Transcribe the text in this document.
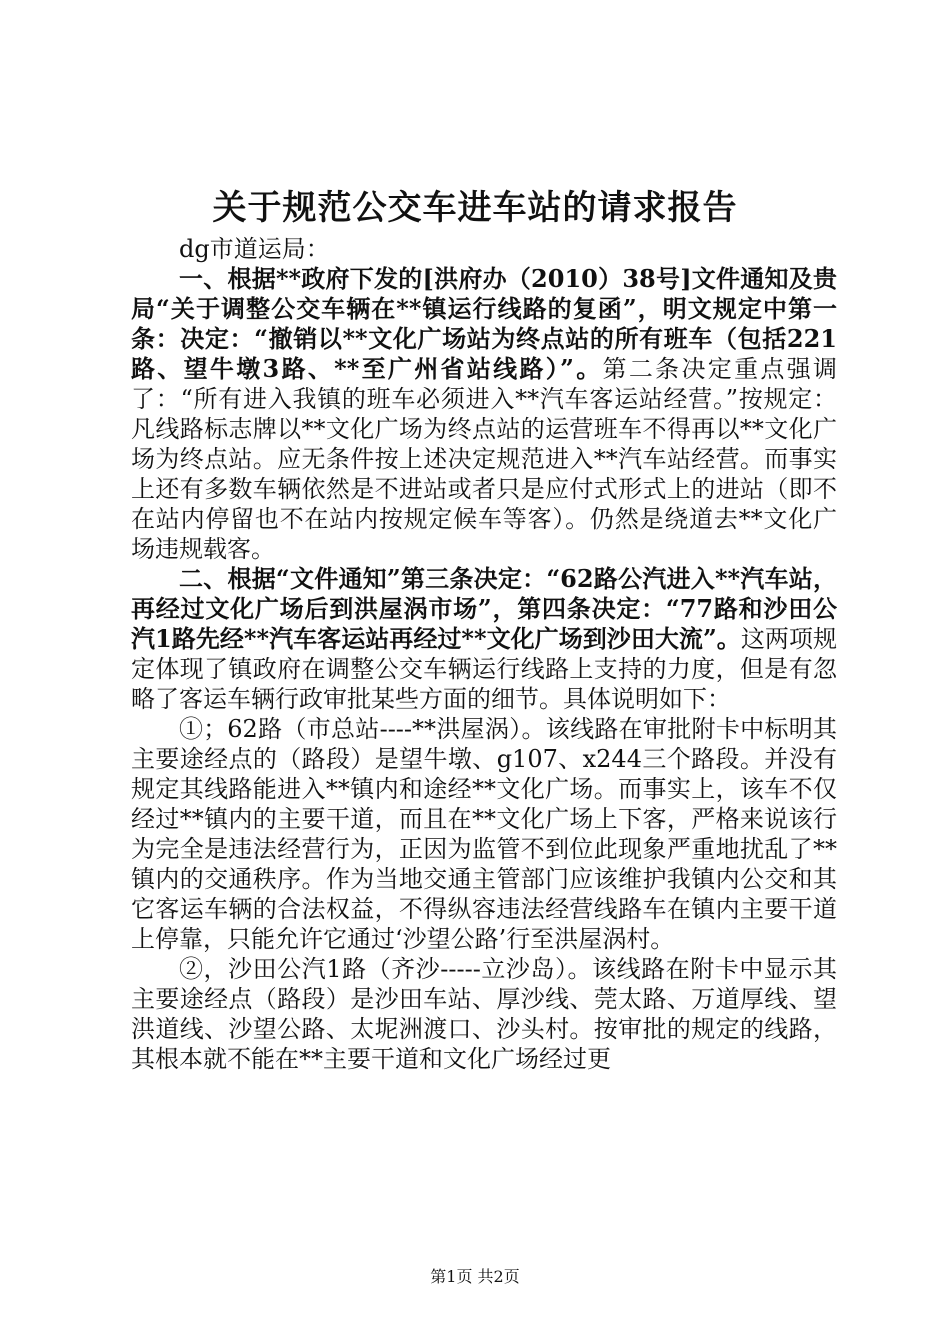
关于规范公交车进车站的请求报告

dg市道运局：

一、根据**政府下发的[洪府办（2010）38号]文件通知及贵局“关于调整公交车辆在**镇运行线路的复函”，明文规定中第一条：决定：“撤销以**文化广场站为终点站的所有班车（包括221路、望牛墩3路、**至广州省站线路）”。第二条决定重点强调了：“所有进入我镇的班车必须进入**汽车客运站经营。”按规定：凡线路标志牌以**文化广场为终点站的运营班车不得再以**文化广场为终点站。应无条件按上述决定规范进入**汽车站经营。而事实上还有多数车辆依然是不进站或者只是应付式形式上的进站（即不在站内停留也不在站内按规定候车等客）。仍然是绕道去**文化广场违规载客。

二、根据“文件通知”第三条决定：“62路公汽进入**汽车站，再经过文化广场后到洪屋涡市场”，第四条决定：“77路和沙田公汽1路先经**汽车客运站再经过**文化广场到沙田大流”。这两项规定体现了镇政府在调整公交车辆运行线路上支持的力度，但是有忽略了客运车辆行政审批某些方面的细节。具体说明如下：

①；62路（市总站----**洪屋涡）。该线路在审批附卡中标明其主要途经点的（路段）是望牛墩、g107、x244三个路段。并没有规定其线路能进入**镇内和途经**文化广场。而事实上，该车不仅经过**镇内的主要干道，而且在**文化广场上下客，严格来说该行为完全是违法经营行为，正因为监管不到位此现象严重地扰乱了**镇内的交通秩序。作为当地交通主管部门应该维护我镇内公交和其它客运车辆的合法权益，不得纵容违法经营线路车在镇内主要干道上停靠，只能允许它通过‘沙望公路’行至洪屋涡村。

②，沙田公汽1路（齐沙-----立沙岛）。该线路在附卡中显示其主要途经点（路段）是沙田车站、厚沙线、莞太路、万道厚线、望洪道线、沙望公路、太坭洲渡口、沙头村。按审批的规定的线路，其根本就不能在**主要干道和文化广场经过更

第1页 共2页
